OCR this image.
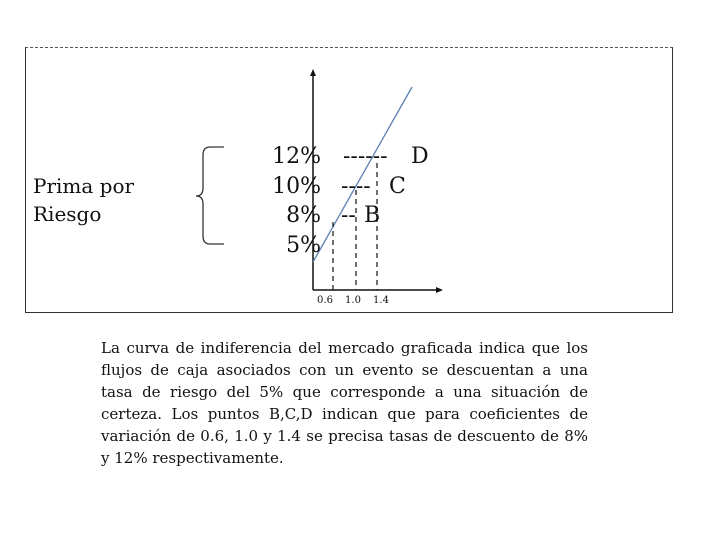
Prima por
Riesgo
12%
10%
8%
5%
------
----
--
D
C
B
0.6 1.0 1.4

La curva de indiferencia del mercado graficada indica que los flujos de caja asociados con un evento se descuentan a una tasa de riesgo del 5% que corresponde a una situación de certeza. Los puntos B,C,D indican que para coeficientes de variación de 0.6, 1.0 y 1.4 se precisa tasas de descuento de 8% y 12% respectivamente.
